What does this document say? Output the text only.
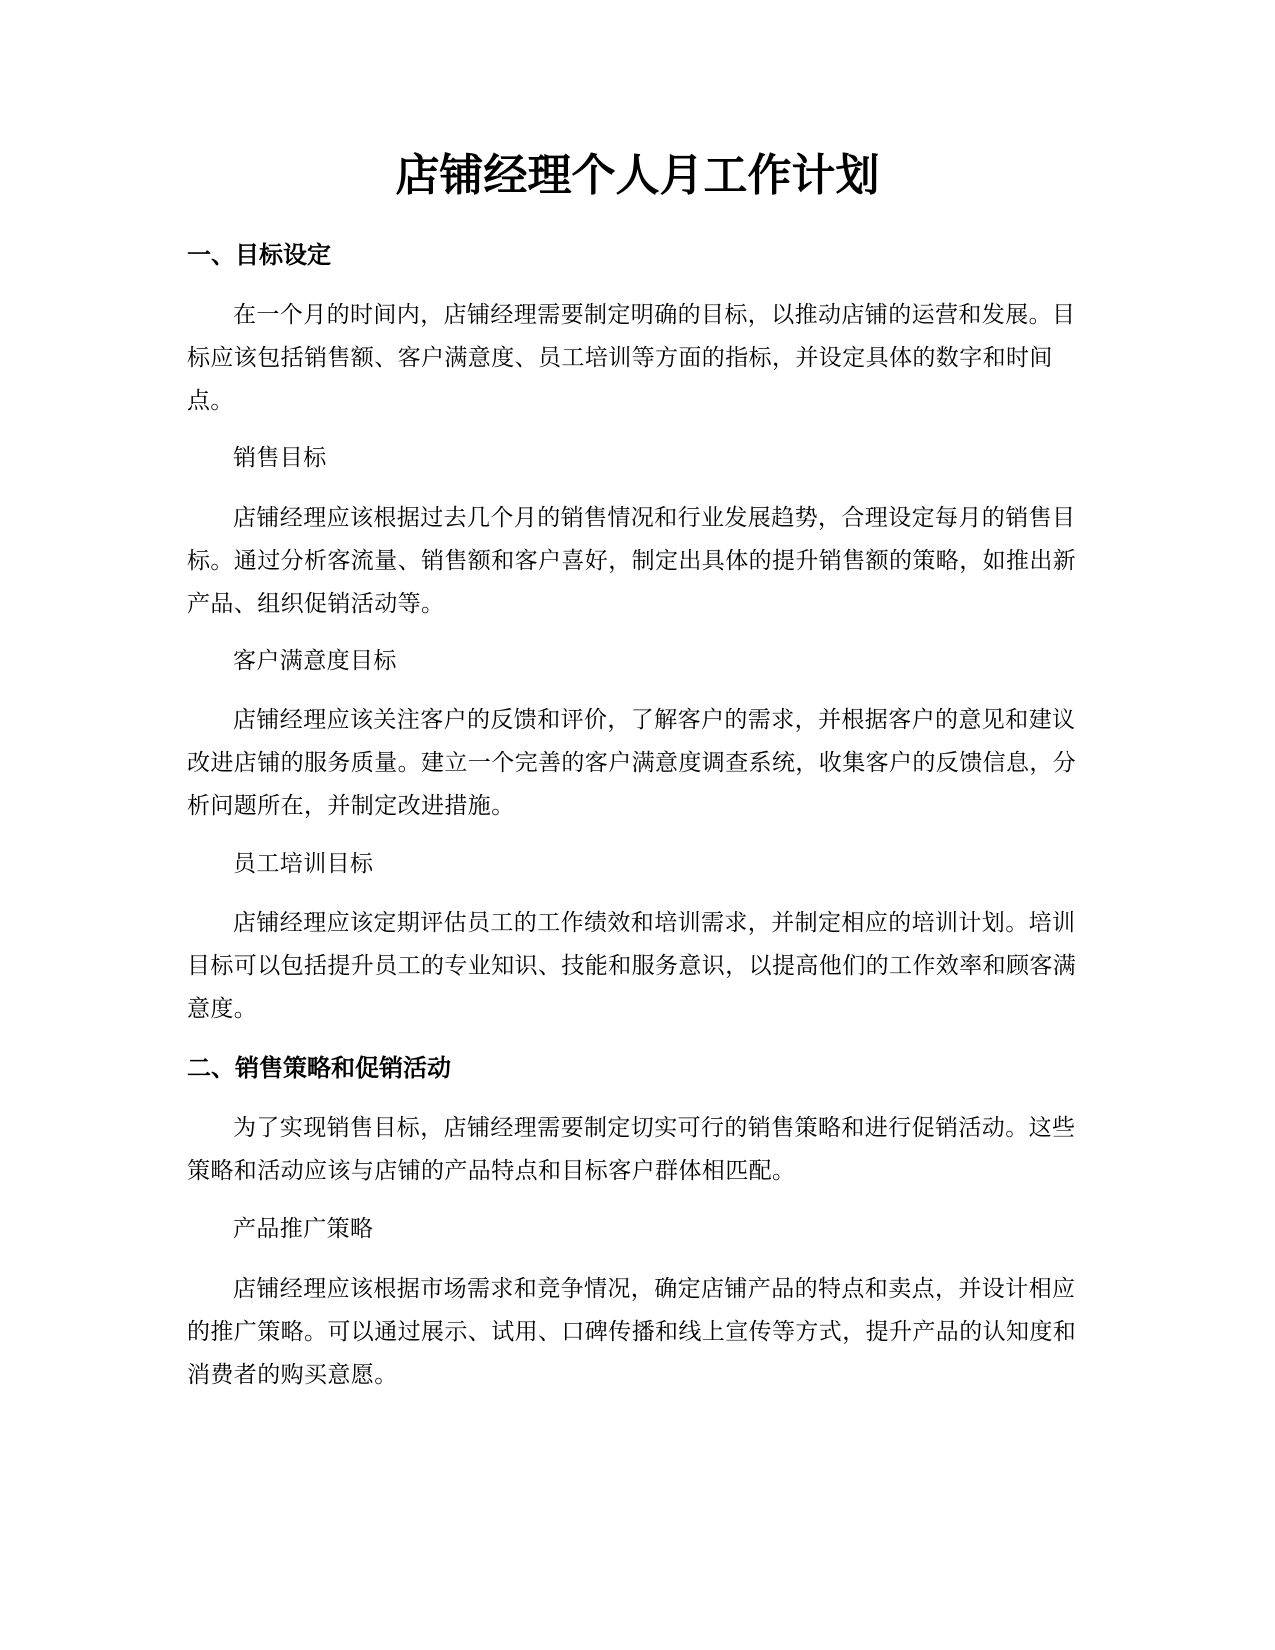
店铺经理个人月工作计划
一、目标设定

在一个月的时间内，店铺经理需要制定明确的目标，以推动店铺的运营和发展。目标应该包括销售额、客户满意度、员工培训等方面的指标，并设定具体的数字和时间点。

销售目标

店铺经理应该根据过去几个月的销售情况和行业发展趋势，合理设定每月的销售目标。通过分析客流量、销售额和客户喜好，制定出具体的提升销售额的策略，如推出新产品、组织促销活动等。

客户满意度目标

店铺经理应该关注客户的反馈和评价，了解客户的需求，并根据客户的意见和建议改进店铺的服务质量。建立一个完善的客户满意度调查系统，收集客户的反馈信息，分析问题所在，并制定改进措施。

员工培训目标

店铺经理应该定期评估员工的工作绩效和培训需求，并制定相应的培训计划。培训目标可以包括提升员工的专业知识、技能和服务意识，以提高他们的工作效率和顾客满意度。

二、销售策略和促销活动

为了实现销售目标，店铺经理需要制定切实可行的销售策略和进行促销活动。这些策略和活动应该与店铺的产品特点和目标客户群体相匹配。

产品推广策略

店铺经理应该根据市场需求和竞争情况，确定店铺产品的特点和卖点，并设计相应的推广策略。可以通过展示、试用、口碑传播和线上宣传等方式，提升产品的认知度和消费者的购买意愿。
